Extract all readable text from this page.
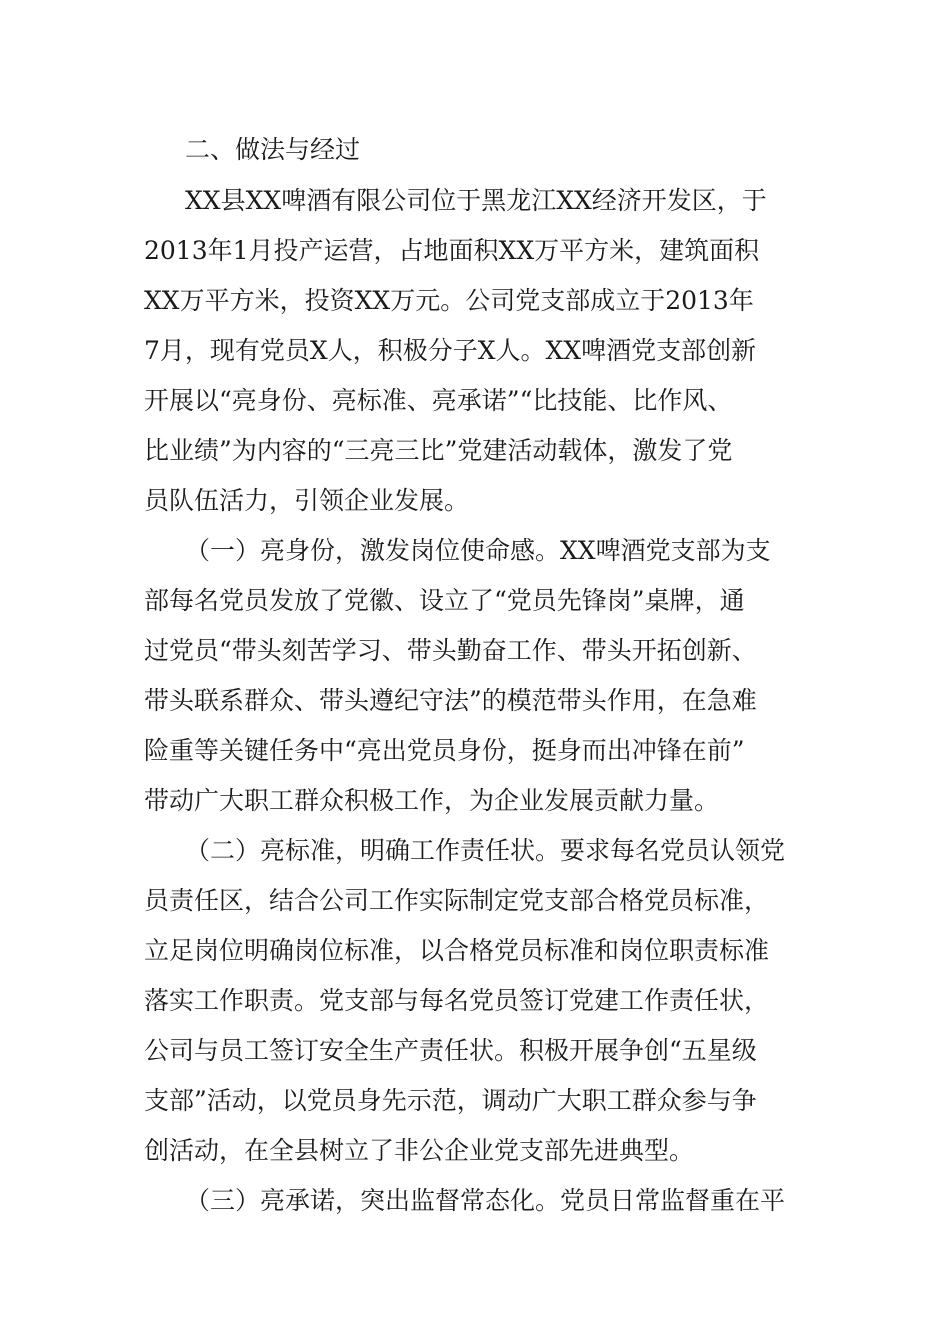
二、做法与经过
XX县XX啤酒有限公司位于黑龙江XX经济开发区，于
2013年1月投产运营，占地面积XX万平方米，建筑面积
XX万平方米，投资XX万元。公司党支部成立于2013年
7月，现有党员X人，积极分子X人。XX啤酒党支部创新
开展以“亮身份、亮标准、亮承诺”“比技能、比作风、
比业绩”为内容的“三亮三比”党建活动载体，激发了党
员队伍活力，引领企业发展。
（一）亮身份，激发岗位使命感。XX啤酒党支部为支
部每名党员发放了党徽、设立了“党员先锋岗”桌牌，通
过党员“带头刻苦学习、带头勤奋工作、带头开拓创新、
带头联系群众、带头遵纪守法”的模范带头作用，在急难
险重等关键任务中“亮出党员身份，挺身而出冲锋在前”
带动广大职工群众积极工作，为企业发展贡献力量。
（二）亮标准，明确工作责任状。要求每名党员认领党
员责任区，结合公司工作实际制定党支部合格党员标准，
立足岗位明确岗位标准，以合格党员标准和岗位职责标准
落实工作职责。党支部与每名党员签订党建工作责任状，
公司与员工签订安全生产责任状。积极开展争创“五星级
支部”活动，以党员身先示范，调动广大职工群众参与争
创活动，在全县树立了非公企业党支部先进典型。
（三）亮承诺，突出监督常态化。党员日常监督重在平
